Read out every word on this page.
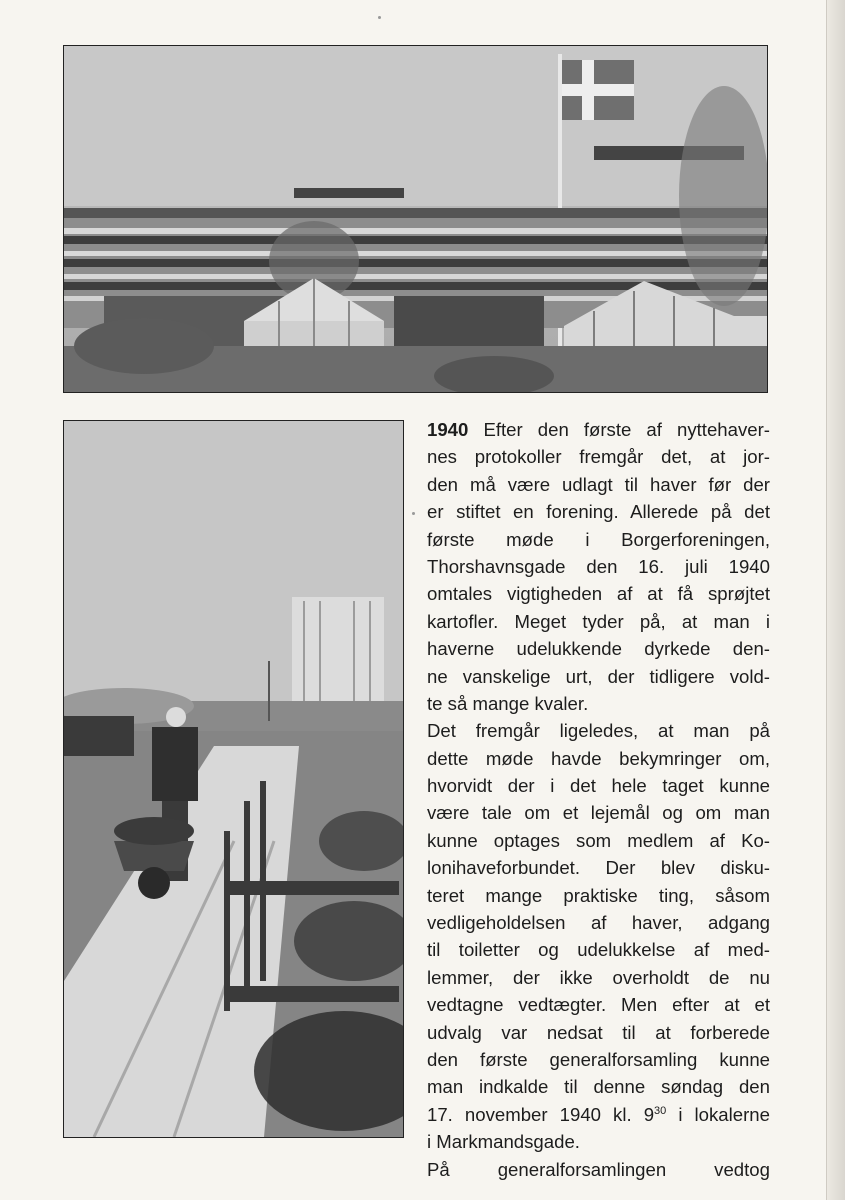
1940 Efter den første af nyttehaver-
nes protokoller fremgår det, at jor-
den må være udlagt til haver før der
er stiftet en forening. Allerede på det
første møde i Borgerforeningen,
Thorshavnsgade den 16. juli 1940
omtales vigtigheden af at få sprøjtet
kartofler. Meget tyder på, at man i
haverne udelukkende dyrkede den-
ne vanskelige urt, der tidligere vold-
te så mange kvaler.
Det fremgår ligeledes, at man på
dette møde havde bekymringer om,
hvorvidt der i det hele taget kunne
være tale om et lejemål og om man
kunne optages som medlem af Ko-
lonihaveforbundet. Der blev disku-
teret mange praktiske ting, såsom
vedligeholdelsen af haver, adgang
til toiletter og udelukkelse af med-
lemmer, der ikke overholdt de nu
vedtagne vedtægter. Men efter at et
udvalg var nedsat til at forberede
den første generalforsamling kunne
man indkalde til denne søndag den
17. november 1940 kl. $9^{30}$ i lokalerne
i Markmandsgade.
På generalforsamlingen vedtog
